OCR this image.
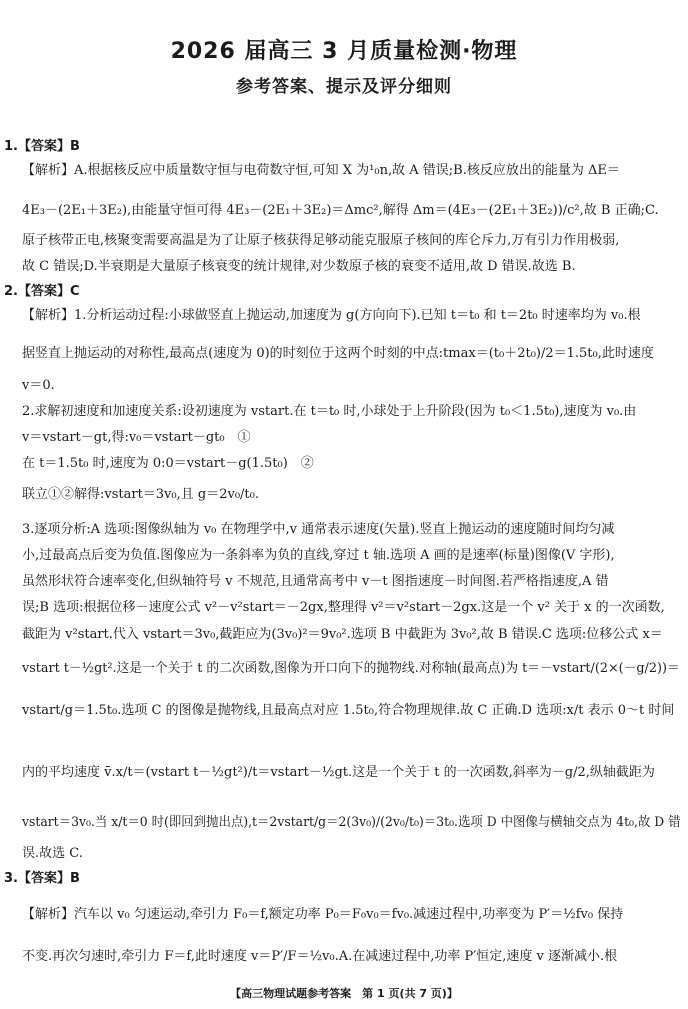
2026 届高三 3 月质量检测·物理
参考答案、提示及评分细则
1.【答案】B
【解析】A.根据核反应中质量数守恒与电荷数守恒,可知 X 为¹₀n,故 A 错误;B.核反应放出的能量为 ΔE＝
4E₃－(2E₁＋3E₂),由能量守恒可得 4E₃－(2E₁＋3E₂)＝Δmc²,解得 Δm＝(4E₃－(2E₁＋3E₂))/c²,故 B 正确;C.
原子核带正电,核聚变需要高温是为了让原子核获得足够动能克服原子核间的库仑斥力,万有引力作用极弱,
故 C 错误;D.半衰期是大量原子核衰变的统计规律,对少数原子核的衰变不适用,故 D 错误.故选 B.
2.【答案】C
【解析】1.分析运动过程:小球做竖直上抛运动,加速度为 g(方向向下).已知 t＝t₀ 和 t＝2t₀ 时速率均为 v₀.根
据竖直上抛运动的对称性,最高点(速度为 0)的时刻位于这两个时刻的中点:tmax＝(t₀＋2t₀)/2＝1.5t₀,此时速度
v＝0.
2.求解初速度和加速度关系:设初速度为 vstart.在 t＝t₀ 时,小球处于上升阶段(因为 t₀＜1.5t₀),速度为 v₀.由
v＝vstart－gt,得:v₀＝vstart－gt₀　①
在 t＝1.5t₀ 时,速度为 0:0＝vstart－g(1.5t₀)　②
联立①②解得:vstart＝3v₀,且 g＝2v₀/t₀.
3.逐项分析:A 选项:图像纵轴为 v₀ 在物理学中,v 通常表示速度(矢量).竖直上抛运动的速度随时间均匀减
小,过最高点后变为负值.图像应为一条斜率为负的直线,穿过 t 轴.选项 A 画的是速率(标量)图像(V 字形),
虽然形状符合速率变化,但纵轴符号 v 不规范,且通常高考中 v－t 图指速度－时间图.若严格指速度,A 错
误;B 选项:根据位移－速度公式 v²－v²start＝－2gx,整理得 v²＝v²start－2gx.这是一个 v² 关于 x 的一次函数,
截距为 v²start.代入 vstart＝3v₀,截距应为(3v₀)²＝9v₀².选项 B 中截距为 3v₀²,故 B 错误.C 选项:位移公式 x＝
vstart t－½gt².这是一个关于 t 的二次函数,图像为开口向下的抛物线.对称轴(最高点)为 t＝－vstart/(2×(－g/2))＝
vstart/g＝1.5t₀.选项 C 的图像是抛物线,且最高点对应 1.5t₀,符合物理规律.故 C 正确.D 选项:x/t 表示 0～t 时间
内的平均速度 v̄.x/t＝(vstart t－½gt²)/t＝vstart－½gt.这是一个关于 t 的一次函数,斜率为－g/2,纵轴截距为
vstart＝3v₀.当 x/t＝0 时(即回到抛出点),t＝2vstart/g＝2(3v₀)/(2v₀/t₀)＝3t₀.选项 D 中图像与横轴交点为 4t₀,故 D 错
误.故选 C.
3.【答案】B
【解析】汽车以 v₀ 匀速运动,牵引力 F₀＝f,额定功率 P₀＝F₀v₀＝fv₀.减速过程中,功率变为 P′＝½fv₀ 保持
不变.再次匀速时,牵引力 F＝f,此时速度 v＝P′/F＝½v₀.A.在减速过程中,功率 P′恒定,速度 v 逐渐减小.根
【高三物理试题参考答案　第 1 页(共 7 页)】
